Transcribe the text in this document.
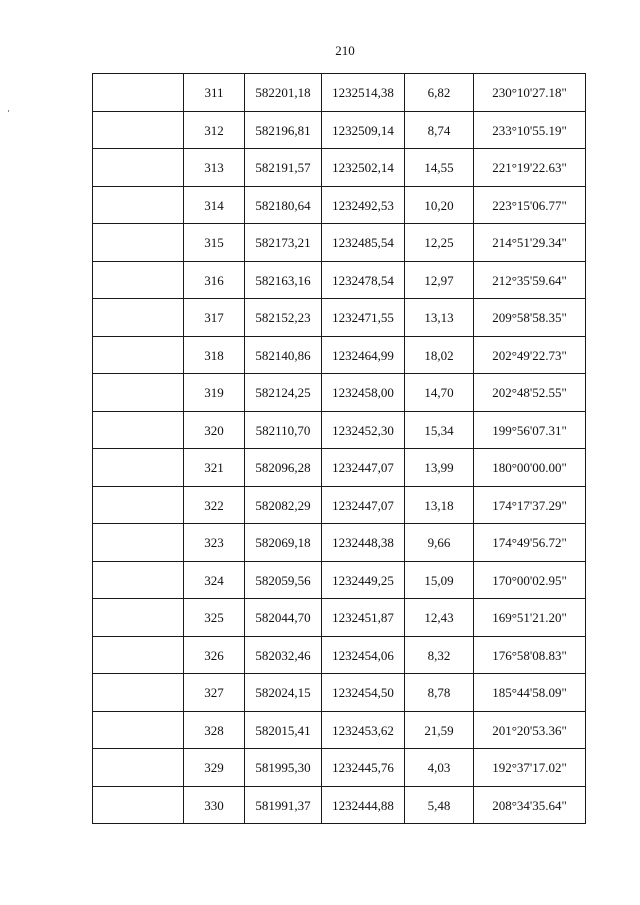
210

	311	582201,18	1232514,38	6,82	230°10'27.18"

	312	582196,81	1232509,14	8,74	233°10'55.19"

	313	582191,57	1232502,14	14,55	221°19'22.63"

	314	582180,64	1232492,53	10,20	223°15'06.77"

	315	582173,21	1232485,54	12,25	214°51'29.34"

	316	582163,16	1232478,54	12,97	212°35'59.64"

	317	582152,23	1232471,55	13,13	209°58'58.35"

	318	582140,86	1232464,99	18,02	202°49'22.73"

	319	582124,25	1232458,00	14,70	202°48'52.55"

	320	582110,70	1232452,30	15,34	199°56'07.31"

	321	582096,28	1232447,07	13,99	180°00'00.00"

	322	582082,29	1232447,07	13,18	174°17'37.29"

	323	582069,18	1232448,38	9,66	174°49'56.72"

	324	582059,56	1232449,25	15,09	170°00'02.95"

	325	582044,70	1232451,87	12,43	169°51'21.20"

	326	582032,46	1232454,06	8,32	176°58'08.83"

	327	582024,15	1232454,50	8,78	185°44'58.09"

	328	582015,41	1232453,62	21,59	201°20'53.36"

	329	581995,30	1232445,76	4,03	192°37'17.02"

	330	581991,37	1232444,88	5,48	208°34'35.64"
